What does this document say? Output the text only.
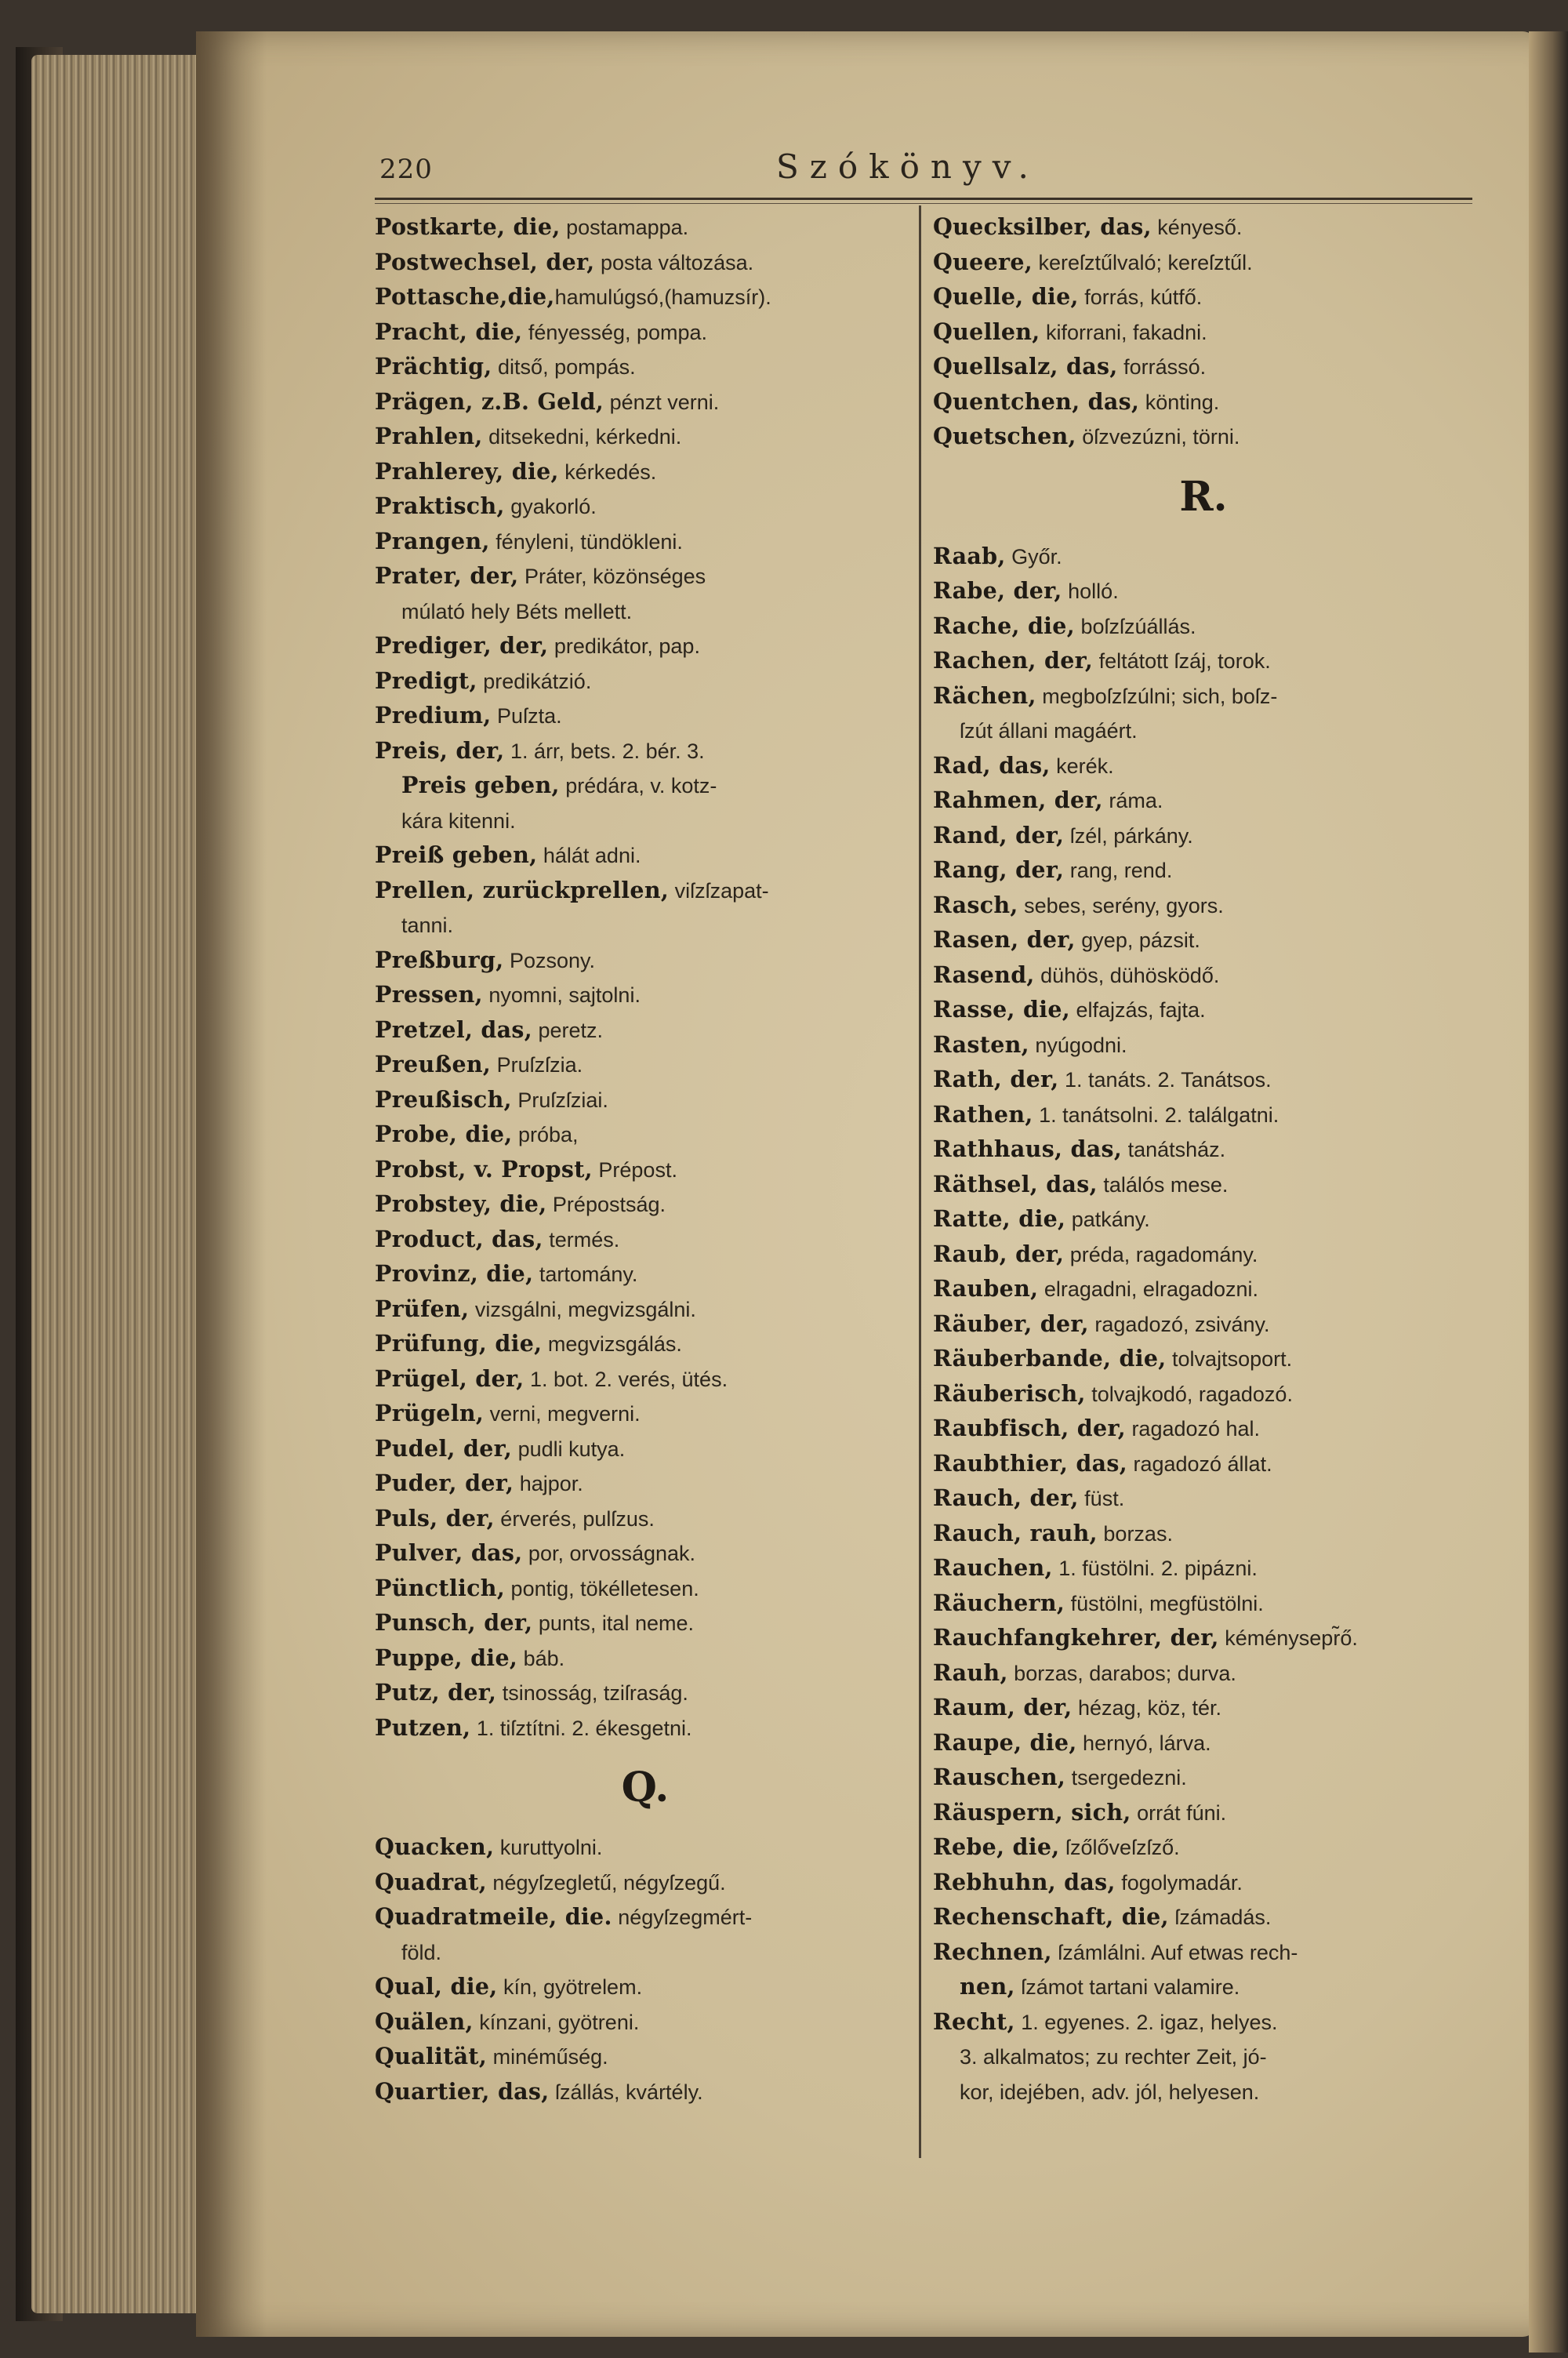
220	Szókönyv.
Postkarte, die, postamappa.
Postwechsel, der, posta változása.
Pottasche,die,hamulúgsó,(hamuzsír).
Pracht, die, fényesség, pompa.
Prächtig, ditső, pompás.
Prägen, z.B. Geld, pénzt verni.
Prahlen, ditsekedni, kérkedni.
Prahlerey, die, kérkedés.
Praktisch, gyakorló.
Prangen, fényleni, tündökleni.
Prater, der, Práter, közönséges
múlató hely Béts mellett.
Prediger, der, predikátor, pap.
Predigt, predikátzió.
Predium, Puſzta.
Preis, der, 1. árr, bets. 2. bér. 3.
Preis geben, prédára, v. kotz-
kára kitenni.
Preiß geben, hálát adni.
Prellen, zurückprellen, viſzſzapat-
tanni.
Preßburg, Pozsony.
Pressen, nyomni, sajtolni.
Pretzel, das, peretz.
Preußen, Pruſzſzia.
Preußisch, Pruſzſziai.
Probe, die, próba,
Probst, v. Propst, Prépost.
Probstey, die, Prépostság.
Product, das, termés.
Provinz, die, tartomány.
Prüfen, vizsgálni, megvizsgálni.
Prüfung, die, megvizsgálás.
Prügel, der, 1. bot. 2. verés, ütés.
Prügeln, verni, megverni.
Pudel, der, pudli kutya.
Puder, der, hajpor.
Puls, der, érverés, pulſzus.
Pulver, das, por, orvosságnak.
Pünctlich, pontig, tökélletesen.
Punsch, der, punts, ital neme.
Puppe, die, báb.
Putz, der, tsinosság, tziſraság.
Putzen, 1. tiſztítni. 2. ékesgetni.
Q.
Quacken, kuruttyolni.
Quadrat, négyſzegletű, négyſzegű.
Quadratmeile, die. négyſzegmért-
föld.
Qual, die, kín, gyötrelem.
Quälen, kínzani, gyötreni.
Qualität, minéműség.
Quartier, das, ſzállás, kvártély.
Quecksilber, das, kényeső.
Queere, kereſztűlvaló; kereſztűl.
Quelle, die, forrás, kútfő.
Quellen, kiforrani, fakadni.
Quellsalz, das, forrássó.
Quentchen, das, könting.
Quetschen, öſzvezúzni, törni.
R.
Raab, Győr.
Rabe, der, holló.
Rache, die, boſzſzúállás.
Rachen, der, feltátott ſzáj, torok.
Rächen, megboſzſzúlni; sich, boſz-
ſzút állani magáért.
Rad, das, kerék.
Rahmen, der, ráma.
Rand, der, ſzél, párkány.
Rang, der, rang, rend.
Rasch, sebes, serény, gyors.
Rasen, der, gyep, pázsit.
Rasend, dühös, dühösködő.
Rasse, die, elfajzás, fajta.
Rasten, nyúgodni.
Rath, der, 1. tanáts. 2. Tanátsos.
Rathen, 1. tanátsolni. 2. találgatni.
Rathhaus, das, tanátsház.
Räthsel, das, találós mese.
Ratte, die, patkány.
Raub, der, préda, ragadomány.
Rauben, elragadni, elragadozni.
Räuber, der, ragadozó, zsivány.
Räuberbande, die, tolvajtsoport.
Räuberisch, tolvajkodó, ragadozó.
Raubfisch, der, ragadozó hal.
Raubthier, das, ragadozó állat.
Rauch, der, füst.
Rauch, rauh, borzas.
Rauchen, 1. füstölni. 2. pipázni.
Räuchern, füstölni, megfüstölni.
Rauchfangkehrer, der, kéménysepr̃ő.
Rauh, borzas, darabos; durva.
Raum, der, hézag, köz, tér.
Raupe, die, hernyó, lárva.
Rauschen, tsergedezni.
Räuspern, sich, orrát fúni.
Rebe, die, ſzőlőveſzſző.
Rebhuhn, das, fogolymadár.
Rechenschaft, die, ſzámadás.
Rechnen, ſzámlálni. Auf etwas rech-
nen, ſzámot tartani valamire.
Recht, 1. egyenes. 2. igaz, helyes.
3. alkalmatos; zu rechter Zeit, jó-
kor, idejében, adv. jól, helyesen.
